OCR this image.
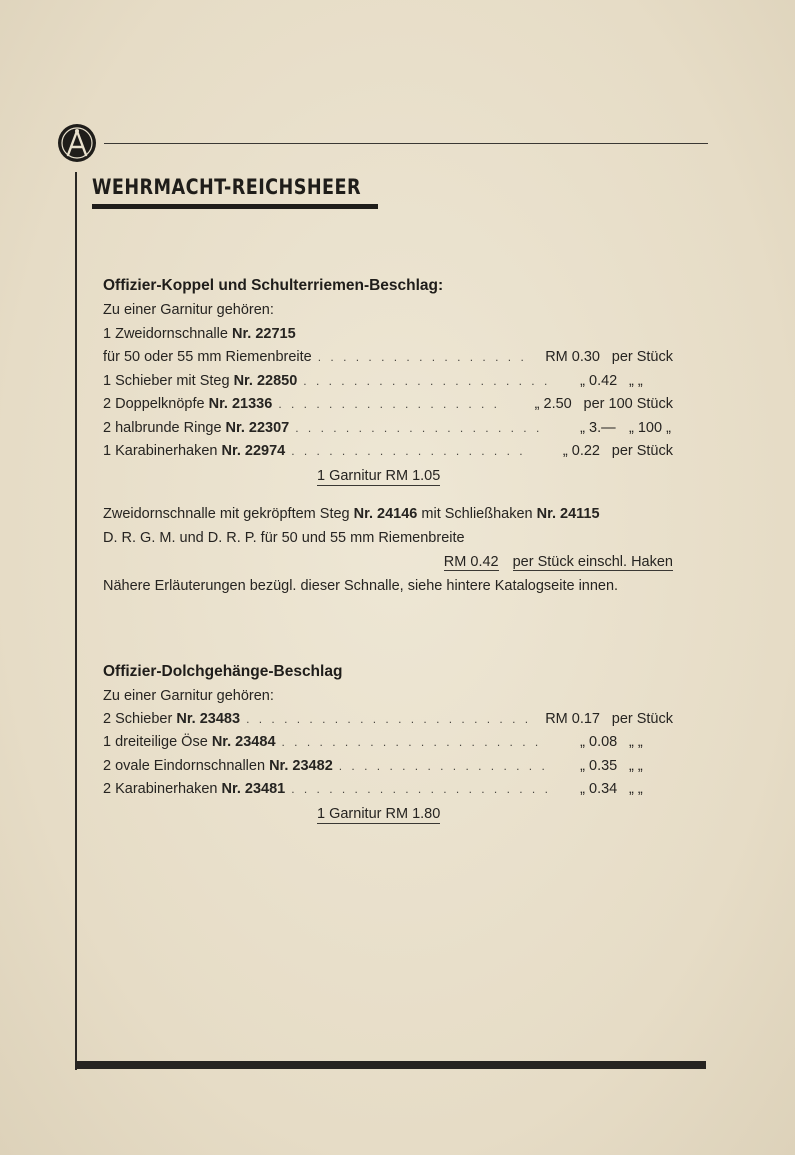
WEHRMACHT-REICHSHEER
Offizier-Koppel und Schulterriemen-Beschlag:
Zu einer Garnitur gehören:
1 Zweidornschnalle Nr. 22715
für 50 oder 55 mm Riemenbreite . . .	RM 0.30 per Stück
1 Schieber mit Steg Nr. 22850 . . .	„ 0.42 „ „
2 Doppelknöpfe Nr. 21336 . . .	„ 2.50 per 100 Stück
2 halbrunde Ringe Nr. 22307 . . .	„ 3.— „ 100 „
1 Karabinerhaken Nr. 22974 . . .	„ 0.22 per Stück
1 Garnitur RM 1.05
Zweidornschnalle mit gekröpftem Steg Nr. 24146 mit Schließhaken Nr. 24115
D. R. G. M. und D. R. P. für 50 und 55 mm Riemenbreite
RM 0.42 per Stück einschl. Haken
Nähere Erläuterungen bezügl. dieser Schnalle, siehe hintere Katalogseite innen.
Offizier-Dolchgehänge-Beschlag
Zu einer Garnitur gehören:
2 Schieber Nr. 23483 . . .	RM 0.17 per Stück
1 dreiteilige Öse Nr. 23484 . . .	„ 0.08 „ „
2 ovale Eindornschnallen Nr. 23482 . . .	„ 0.35 „ „
2 Karabinerhaken Nr. 23481 . . .	„ 0.34 „ „
1 Garnitur RM 1.80
